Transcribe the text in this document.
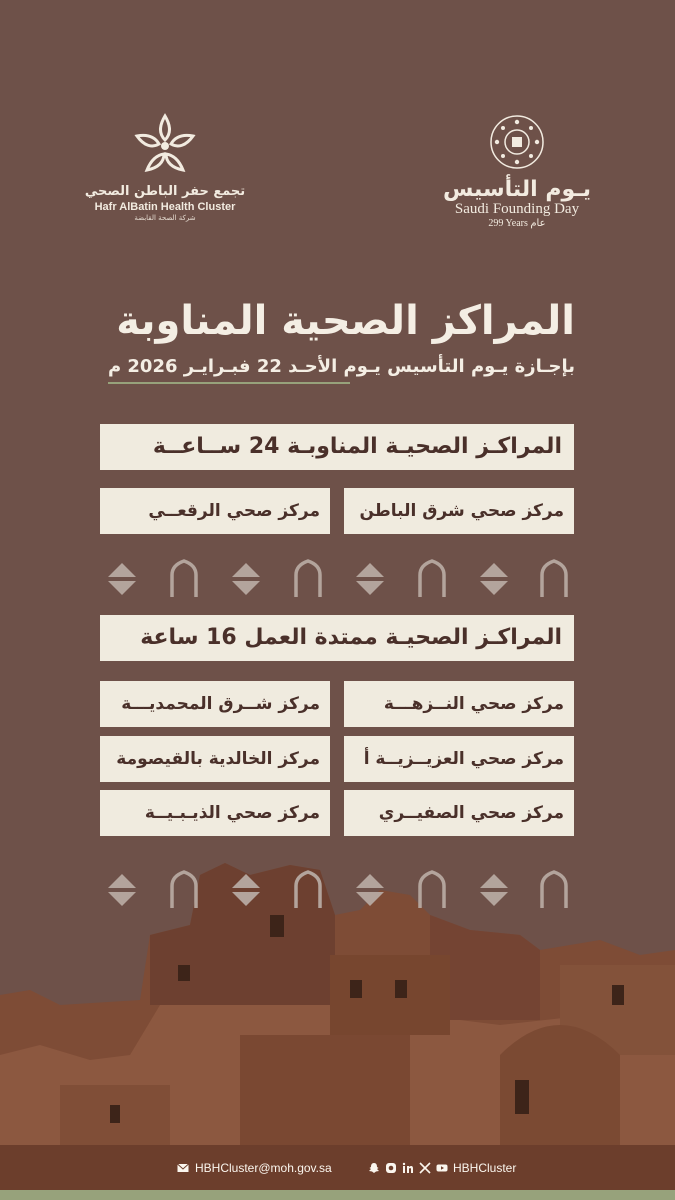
تجمع حفر الباطن الصحي
Hafr AlBatin Health Cluster
شركة الصحة القابضة
يـوم التأسيس
Saudi Founding Day
299 Years عام
المراكز الصحية المناوبة
بإجـازة يـوم التأسيس يـوم الأحـد 22 فبـرايـر 2026 م
المراكـز الصحيـة المناوبـة 24 ســاعــة
مركز صحي شرق الباطن
مركز صحي الرقعــي
المراكـز الصحيـة ممتدة العمل 16 ساعة
مركز صحي النــزهـــة
مركز شــرق المحمديـــة
مركز صحي العزيــزيــة أ
مركز الخالدية بالقيصومة
مركز صحي الصفيــري
مركز صحي الذيـبـيــة
HBHCluster@moh.gov.sa	HBHCluster
